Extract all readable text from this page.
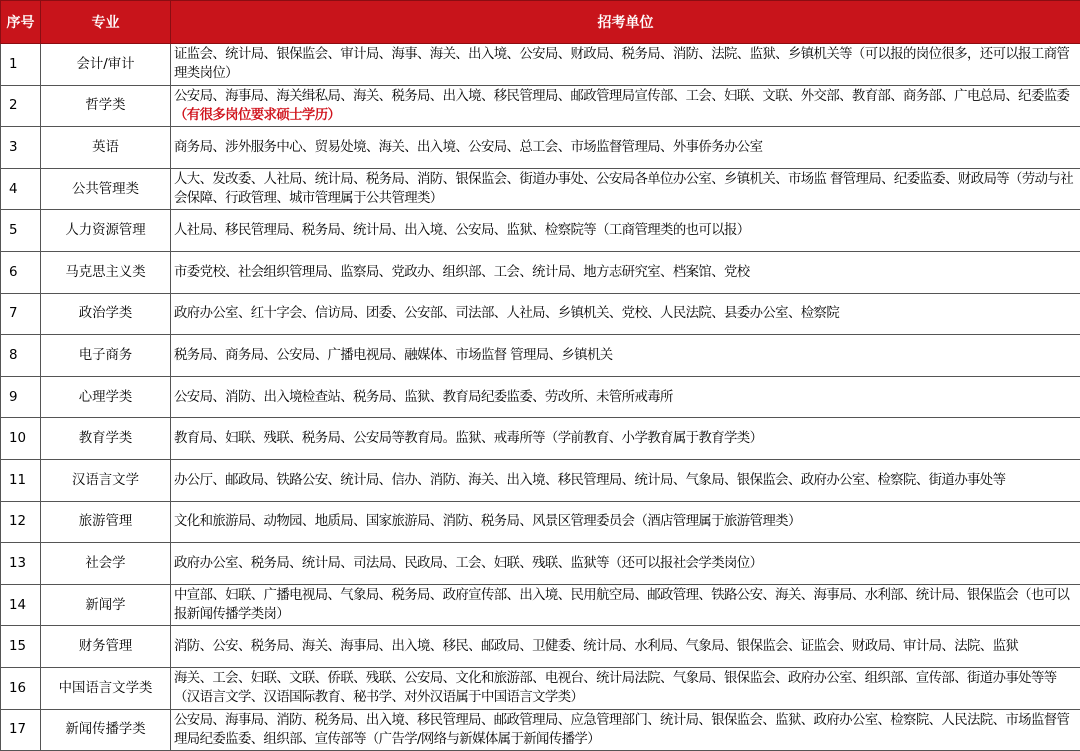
序号	专业	招考单位
1	会计/审计	证监会、统计局、银保监会、审计局、海事、海关、出入境、公安局、财政局、税务局、消防、法院、监狱、乡镇机关等（可以报的岗位很多，还可以报工商管理类岗位）
2	哲学类	公安局、海事局、海关缉私局、海关、税务局、出入境、移民管理局、邮政管理局宣传部、工会、妇联、文联、外交部、教育部、商务部、广电总局、纪委监委（有很多岗位要求硕士学历）
3	英语	商务局、涉外服务中心、贸易处境、海关、出入境、公安局、总工会、市场监督管理局、外事侨务办公室
4	公共管理类	人大、发改委、人社局、统计局、税务局、消防、银保监会、街道办事处、公安局各单位办公室、乡镇机关、市场监 督管理局、纪委监委、财政局等（劳动与社会保障、行政管理、城市管理属于公共管理类）
5	人力资源管理	人社局、移民管理局、税务局、统计局、出入境、公安局、监狱、检察院等（工商管理类的也可以报）
6	马克思主义类	市委党校、社会组织管理局、监察局、党政办、组织部、工会、统计局、地方志研究室、档案馆、党校
7	政治学类	政府办公室、红十字会、信访局、团委、公安部、司法部、人社局、乡镇机关、党校、人民法院、县委办公室、检察院
8	电子商务	税务局、商务局、公安局、广播电视局、融媒体、市场监督 管理局、乡镇机关
9	心理学类	公安局、消防、出入境检查站、税务局、监狱、教育局纪委监委、劳改所、未管所戒毒所
10	教育学类	教育局、妇联、残联、税务局、公安局等教育局。监狱、戒毒所等（学前教育、小学教育属于教育学类）
11	汉语言文学	办公厅、邮政局、铁路公安、统计局、信办、消防、海关、出入境、移民管理局、统计局、气象局、银保监会、政府办公室、检察院、街道办事处等
12	旅游管理	文化和旅游局、动物园、地质局、国家旅游局、消防、税务局、风景区管理委员会（酒店管理属于旅游管理类）
13	社会学	政府办公室、税务局、统计局、司法局、民政局、工会、妇联、残联、监狱等（还可以报社会学类岗位）
14	新闻学	中宣部、妇联、广播电视局、气象局、税务局、政府宣传部、出入境、民用航空局、邮政管理、铁路公安、海关、海事局、水利部、统计局、银保监会（也可以报新闻传播学类岗）
15	财务管理	消防、公安、税务局、海关、海事局、出入境、移民、邮政局、卫健委、统计局、水利局、气象局、银保监会、证监会、财政局、审计局、法院、监狱
16	中国语言文学类	海关、工会、妇联、文联、侨联、残联、公安局、文化和旅游部、电视台、统计局法院、气象局、银保监会、政府办公室、组织部、宣传部、街道办事处等等（汉语言文学、汉语国际教育、秘书学、对外汉语属于中国语言文学类）
17	新闻传播学类	公安局、海事局、消防、税务局、出入境、移民管理局、邮政管理局、应急管理部门、统计局、银保监会、监狱、政府办公室、检察院、人民法院、市场监督管理局纪委监委、组织部、宣传部等（广告学/网络与新媒体属于新闻传播学）
